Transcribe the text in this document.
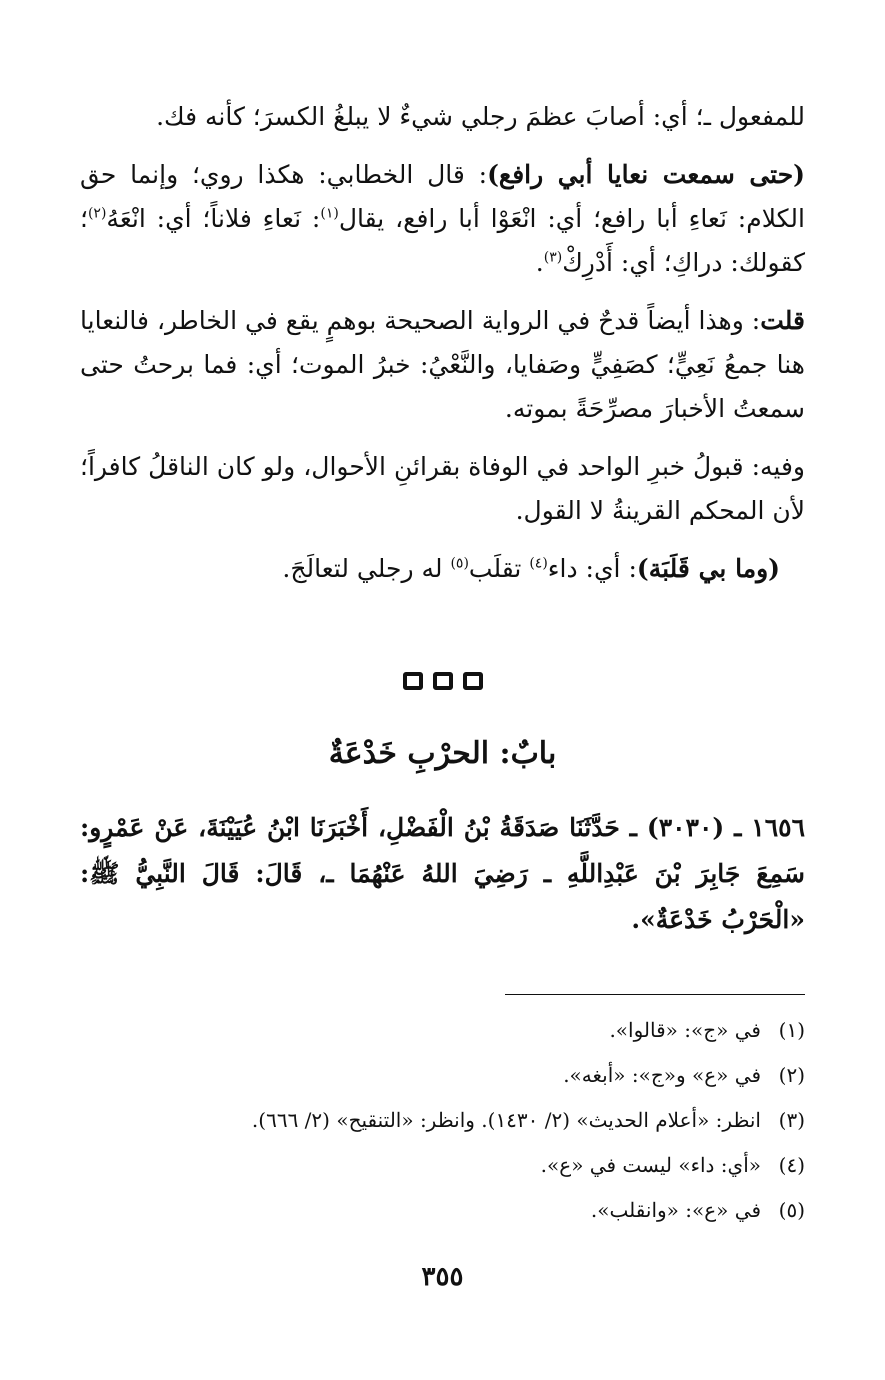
للمفعول ـ؛ أي: أصابَ عظمَ رجلي شيءٌ لا يبلغُ الكسرَ؛ كأنه فك.

(حتى سمعت نعايا أبي رافع): قال الخطابي: هكذا روي؛ وإنما حق الكلام: نَعاءِ أبا رافع؛ أي: انْعَوْا أبا رافع، يقال$^{(١)}$: نَعاءِ فلاناً؛ أي: انْعَهُ$^{(٢)}$؛ كقولك: دراكِ؛ أي: أَدْرِكْ$^{(٣)}$.

قلت: وهذا أيضاً قدحٌ في الرواية الصحيحة بوهمٍ يقع في الخاطر، فالنعايا هنا جمعُ نَعِيٍّ؛ كصَفِيٍّ وصَفايا، والنَّعْيُ: خبرُ الموت؛ أي: فما برحتُ حتى سمعتُ الأخبارَ مصرِّحَةً بموته.

وفيه: قبولُ خبرِ الواحد في الوفاة بقرائنِ الأحوال، ولو كان الناقلُ كافراً؛ لأن المحكم القرينةُ لا القول.

 (وما بي قَلَبَة): أي: داء$^{(٤)}$ تقلَب$^{(٥)}$ له رجلي لتعالَجَ.

بابٌ: الحرْبِ خَدْعَةٌ

١٦٥٦ ـ (٣٠٣٠) ـ حَدَّثَنَا صَدَقَةُ بْنُ الْفَضْلِ، أَخْبَرَنَا ابْنُ عُيَيْنَةَ، عَنْ عَمْرٍو: سَمِعَ جَابِرَ بْنَ عَبْدِاللَّهِ ـ رَضِيَ اللهُ عَنْهُمَا ـ، قَالَ: قَالَ النَّبِيُّ ﷺ: «الْحَرْبُ خَدْعَةٌ».

(١)
في «ج»: «قالوا».
(٢)
في «ع» و«ج»: «أبغه».
(٣)
انظر: «أعلام الحديث» (٢/ ١٤٣٠). وانظر: «التنقيح» (٢/ ٦٦٦).
(٤)
«أي: داء» ليست في «ع».
(٥)
في «ع»: «وانقلب».
٣٥٥
